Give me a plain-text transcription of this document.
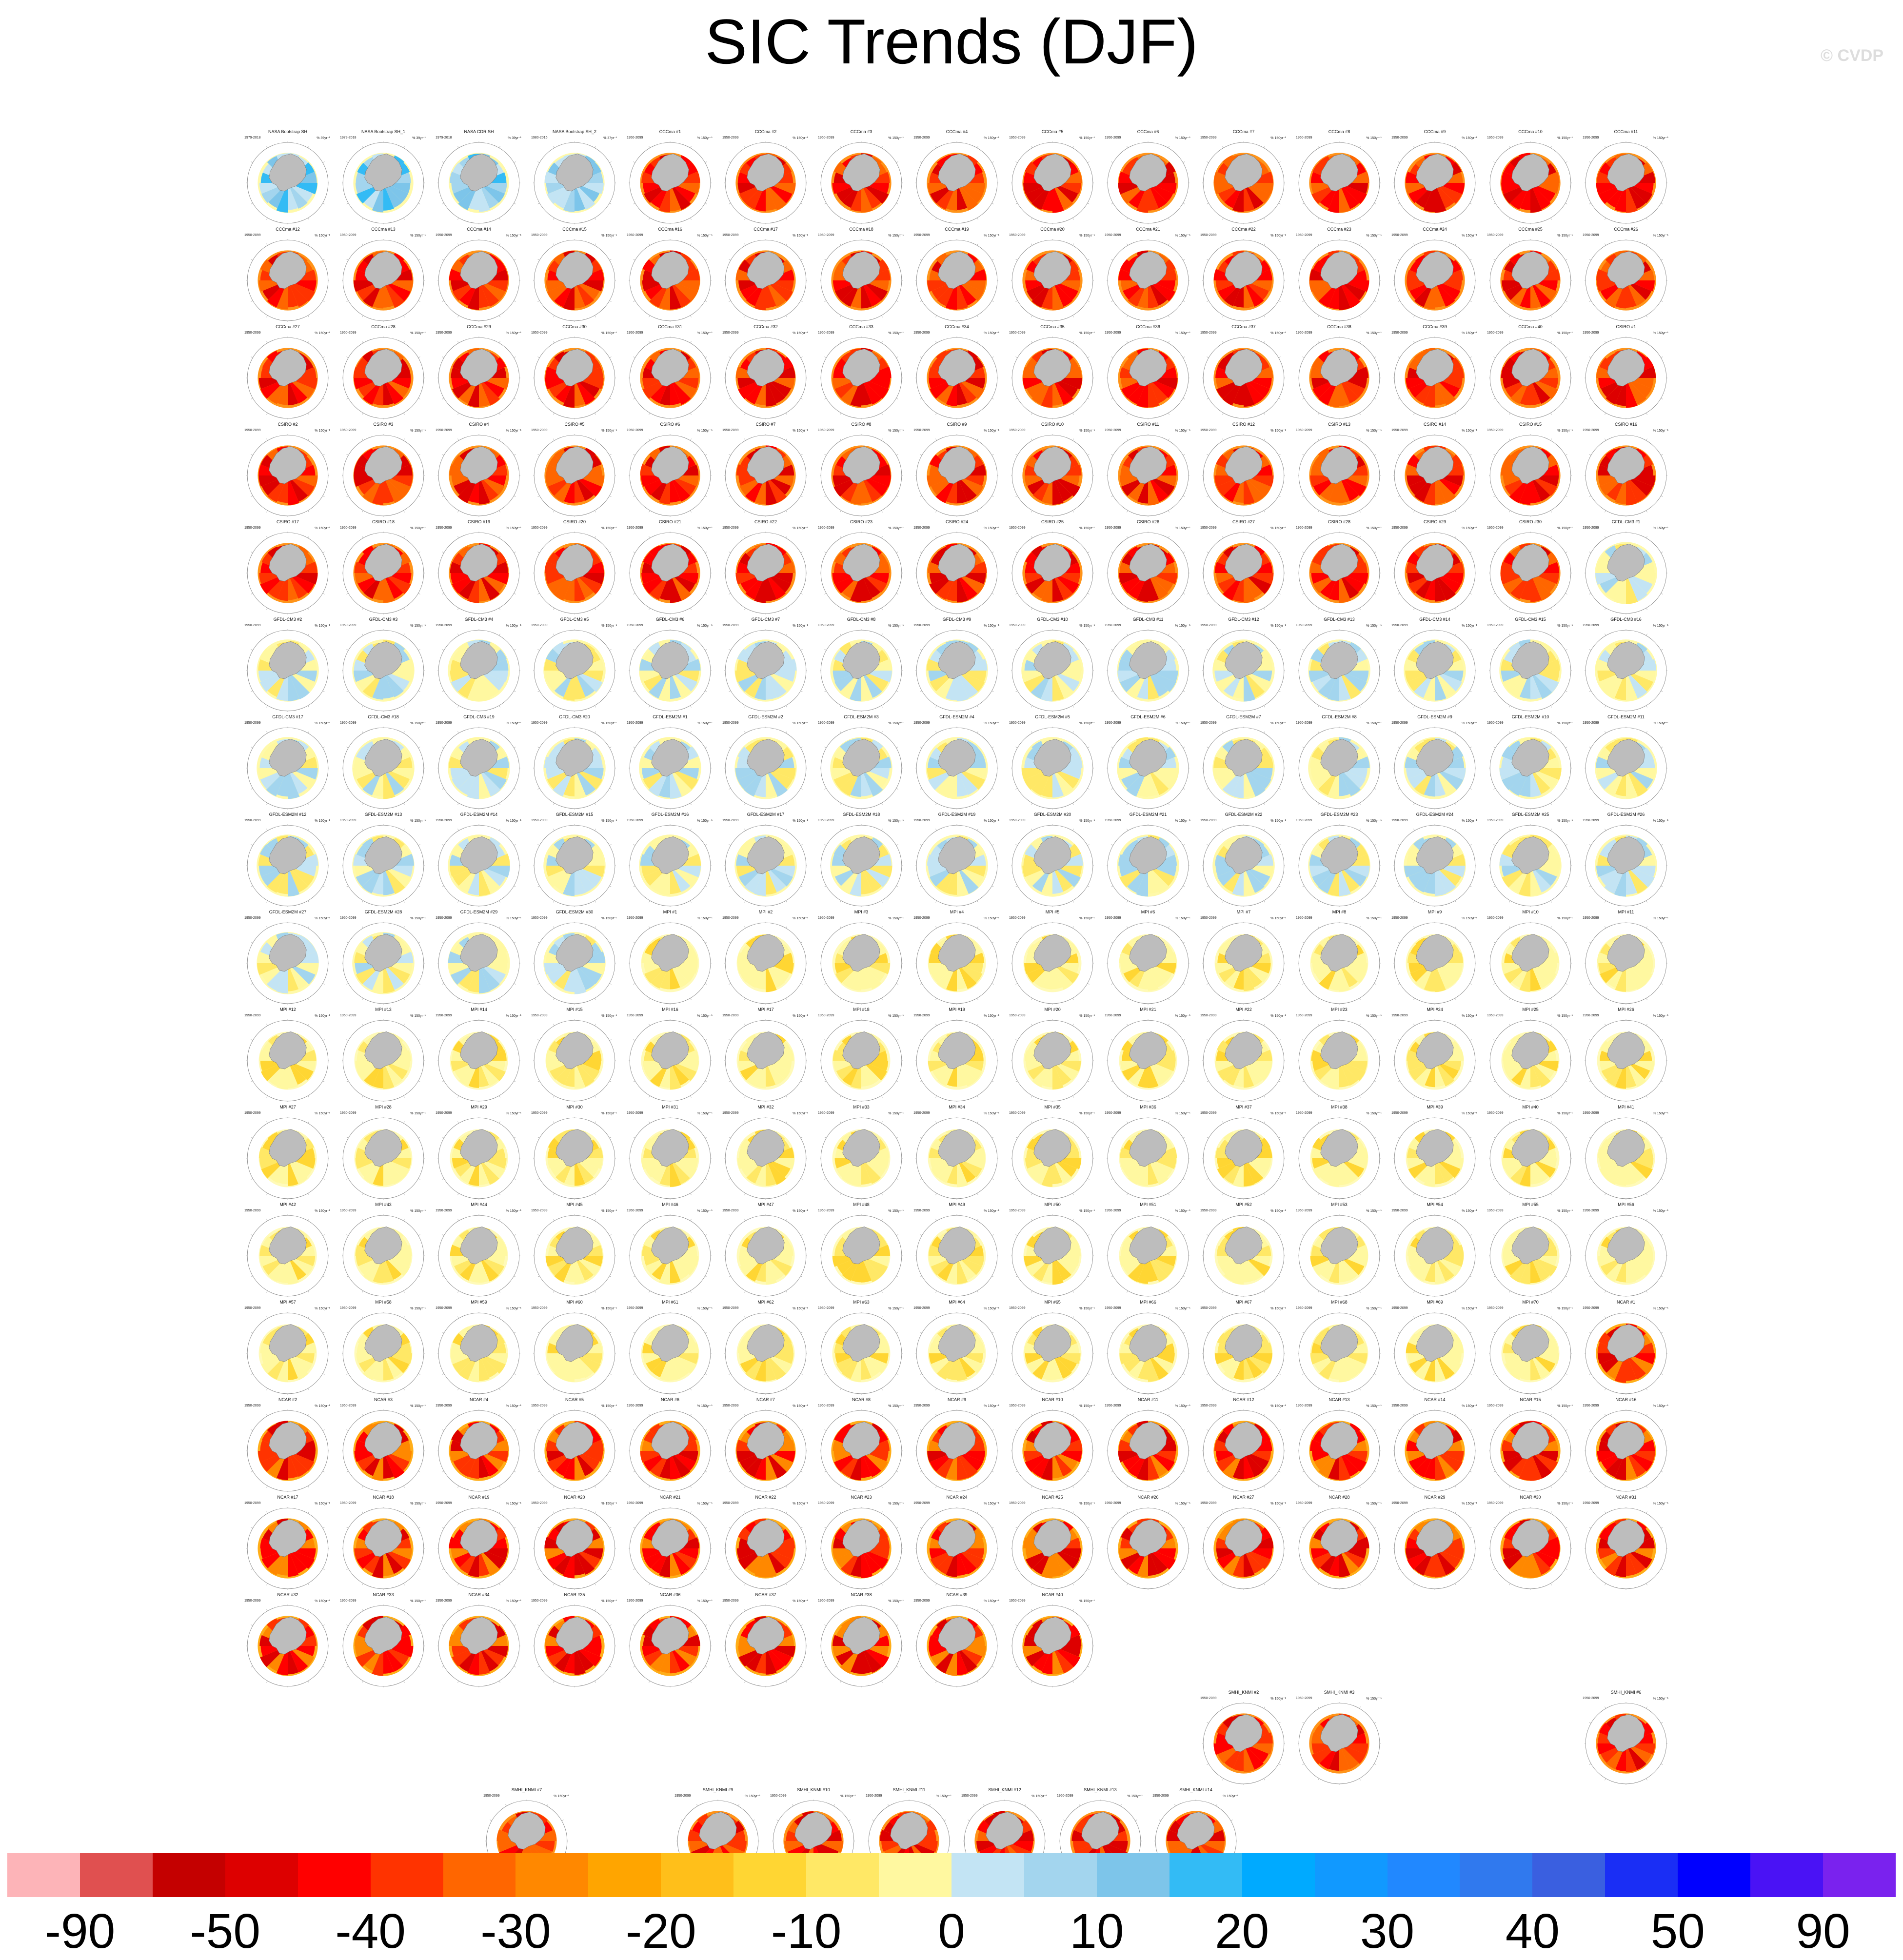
SIC Trends (DJF)	© CVDP
NASA Bootstrap SH
1979-2018	% 39yr⁻¹
NASA Bootstrap SH_1
1979-2018	% 39yr⁻¹
NASA CDR SH
1979-2018	% 39yr⁻¹
NASA Bootstrap SH_2
1980-2016	% 37yr⁻¹
CCCma #1
1950-2099	% 150yr⁻¹
CCCma #2
1950-2099	% 150yr⁻¹
CCCma #3
1950-2099	% 150yr⁻¹
CCCma #4
1950-2099	% 150yr⁻¹
CCCma #5
1950-2099	% 150yr⁻¹
CCCma #6
1950-2099	% 150yr⁻¹
CCCma #7
1950-2099	% 150yr⁻¹
CCCma #8
1950-2099	% 150yr⁻¹
CCCma #9
1950-2099	% 150yr⁻¹
CCCma #10
1950-2099	% 150yr⁻¹
CCCma #11
1950-2099	% 150yr⁻¹
CCCma #12
1950-2099	% 150yr⁻¹
CCCma #13
1950-2099	% 150yr⁻¹
CCCma #14
1950-2099	% 150yr⁻¹
CCCma #15
1950-2099	% 150yr⁻¹
CCCma #16
1950-2099	% 150yr⁻¹
CCCma #17
1950-2099	% 150yr⁻¹
CCCma #18
1950-2099	% 150yr⁻¹
CCCma #19
1950-2099	% 150yr⁻¹
CCCma #20
1950-2099	% 150yr⁻¹
CCCma #21
1950-2099	% 150yr⁻¹
CCCma #22
1950-2099	% 150yr⁻¹
CCCma #23
1950-2099	% 150yr⁻¹
CCCma #24
1950-2099	% 150yr⁻¹
CCCma #25
1950-2099	% 150yr⁻¹
CCCma #26
1950-2099	% 150yr⁻¹
CCCma #27
1950-2099	% 150yr⁻¹
CCCma #28
1950-2099	% 150yr⁻¹
CCCma #29
1950-2099	% 150yr⁻¹
CCCma #30
1950-2099	% 150yr⁻¹
CCCma #31
1950-2099	% 150yr⁻¹
CCCma #32
1950-2099	% 150yr⁻¹
CCCma #33
1950-2099	% 150yr⁻¹
CCCma #34
1950-2099	% 150yr⁻¹
CCCma #35
1950-2099	% 150yr⁻¹
CCCma #36
1950-2099	% 150yr⁻¹
CCCma #37
1950-2099	% 150yr⁻¹
CCCma #38
1950-2099	% 150yr⁻¹
CCCma #39
1950-2099	% 150yr⁻¹
CCCma #40
1950-2099	% 150yr⁻¹
CSIRO #1
1950-2099	% 150yr⁻¹
CSIRO #2
1950-2099	% 150yr⁻¹
CSIRO #3
1950-2099	% 150yr⁻¹
CSIRO #4
1950-2099	% 150yr⁻¹
CSIRO #5
1950-2099	% 150yr⁻¹
CSIRO #6
1950-2099	% 150yr⁻¹
CSIRO #7
1950-2099	% 150yr⁻¹
CSIRO #8
1950-2099	% 150yr⁻¹
CSIRO #9
1950-2099	% 150yr⁻¹
CSIRO #10
1950-2099	% 150yr⁻¹
CSIRO #11
1950-2099	% 150yr⁻¹
CSIRO #12
1950-2099	% 150yr⁻¹
CSIRO #13
1950-2099	% 150yr⁻¹
CSIRO #14
1950-2099	% 150yr⁻¹
CSIRO #15
1950-2099	% 150yr⁻¹
CSIRO #16
1950-2099	% 150yr⁻¹
CSIRO #17
1950-2099	% 150yr⁻¹
CSIRO #18
1950-2099	% 150yr⁻¹
CSIRO #19
1950-2099	% 150yr⁻¹
CSIRO #20
1950-2099	% 150yr⁻¹
CSIRO #21
1950-2099	% 150yr⁻¹
CSIRO #22
1950-2099	% 150yr⁻¹
CSIRO #23
1950-2099	% 150yr⁻¹
CSIRO #24
1950-2099	% 150yr⁻¹
CSIRO #25
1950-2099	% 150yr⁻¹
CSIRO #26
1950-2099	% 150yr⁻¹
CSIRO #27
1950-2099	% 150yr⁻¹
CSIRO #28
1950-2099	% 150yr⁻¹
CSIRO #29
1950-2099	% 150yr⁻¹
CSIRO #30
1950-2099	% 150yr⁻¹
GFDL-CM3 #1
1950-2099	% 150yr⁻¹
GFDL-CM3 #2
1950-2099	% 150yr⁻¹
GFDL-CM3 #3
1950-2099	% 150yr⁻¹
GFDL-CM3 #4
1950-2099	% 150yr⁻¹
GFDL-CM3 #5
1950-2099	% 150yr⁻¹
GFDL-CM3 #6
1950-2099	% 150yr⁻¹
GFDL-CM3 #7
1950-2099	% 150yr⁻¹
GFDL-CM3 #8
1950-2099	% 150yr⁻¹
GFDL-CM3 #9
1950-2099	% 150yr⁻¹
GFDL-CM3 #10
1950-2099	% 150yr⁻¹
GFDL-CM3 #11
1950-2099	% 150yr⁻¹
GFDL-CM3 #12
1950-2099	% 150yr⁻¹
GFDL-CM3 #13
1950-2099	% 150yr⁻¹
GFDL-CM3 #14
1950-2099	% 150yr⁻¹
GFDL-CM3 #15
1950-2099	% 150yr⁻¹
GFDL-CM3 #16
1950-2099	% 150yr⁻¹
GFDL-CM3 #17
1950-2099	% 150yr⁻¹
GFDL-CM3 #18
1950-2099	% 150yr⁻¹
GFDL-CM3 #19
1950-2099	% 150yr⁻¹
GFDL-CM3 #20
1950-2099	% 150yr⁻¹
GFDL-ESM2M #1
1950-2099	% 150yr⁻¹
GFDL-ESM2M #2
1950-2099	% 150yr⁻¹
GFDL-ESM2M #3
1950-2099	% 150yr⁻¹
GFDL-ESM2M #4
1950-2099	% 150yr⁻¹
GFDL-ESM2M #5
1950-2099	% 150yr⁻¹
GFDL-ESM2M #6
1950-2099	% 150yr⁻¹
GFDL-ESM2M #7
1950-2099	% 150yr⁻¹
GFDL-ESM2M #8
1950-2099	% 150yr⁻¹
GFDL-ESM2M #9
1950-2099	% 150yr⁻¹
GFDL-ESM2M #10
1950-2099	% 150yr⁻¹
GFDL-ESM2M #11
1950-2099	% 150yr⁻¹
GFDL-ESM2M #12
1950-2099	% 150yr⁻¹
GFDL-ESM2M #13
1950-2099	% 150yr⁻¹
GFDL-ESM2M #14
1950-2099	% 150yr⁻¹
GFDL-ESM2M #15
1950-2099	% 150yr⁻¹
GFDL-ESM2M #16
1950-2099	% 150yr⁻¹
GFDL-ESM2M #17
1950-2099	% 150yr⁻¹
GFDL-ESM2M #18
1950-2099	% 150yr⁻¹
GFDL-ESM2M #19
1950-2099	% 150yr⁻¹
GFDL-ESM2M #20
1950-2099	% 150yr⁻¹
GFDL-ESM2M #21
1950-2099	% 150yr⁻¹
GFDL-ESM2M #22
1950-2099	% 150yr⁻¹
GFDL-ESM2M #23
1950-2099	% 150yr⁻¹
GFDL-ESM2M #24
1950-2099	% 150yr⁻¹
GFDL-ESM2M #25
1950-2099	% 150yr⁻¹
GFDL-ESM2M #26
1950-2099	% 150yr⁻¹
GFDL-ESM2M #27
1950-2099	% 150yr⁻¹
GFDL-ESM2M #28
1950-2099	% 150yr⁻¹
GFDL-ESM2M #29
1950-2099	% 150yr⁻¹
GFDL-ESM2M #30
1950-2099	% 150yr⁻¹
MPI #1
1950-2099	% 150yr⁻¹
MPI #2
1950-2099	% 150yr⁻¹
MPI #3
1950-2099	% 150yr⁻¹
MPI #4
1950-2099	% 150yr⁻¹
MPI #5
1950-2099	% 150yr⁻¹
MPI #6
1950-2099	% 150yr⁻¹
MPI #7
1950-2099	% 150yr⁻¹
MPI #8
1950-2099	% 150yr⁻¹
MPI #9
1950-2099	% 150yr⁻¹
MPI #10
1950-2099	% 150yr⁻¹
MPI #11
1950-2099	% 150yr⁻¹
MPI #12
1950-2099	% 150yr⁻¹
MPI #13
1950-2099	% 150yr⁻¹
MPI #14
1950-2099	% 150yr⁻¹
MPI #15
1950-2099	% 150yr⁻¹
MPI #16
1950-2099	% 150yr⁻¹
MPI #17
1950-2099	% 150yr⁻¹
MPI #18
1950-2099	% 150yr⁻¹
MPI #19
1950-2099	% 150yr⁻¹
MPI #20
1950-2099	% 150yr⁻¹
MPI #21
1950-2099	% 150yr⁻¹
MPI #22
1950-2099	% 150yr⁻¹
MPI #23
1950-2099	% 150yr⁻¹
MPI #24
1950-2099	% 150yr⁻¹
MPI #25
1950-2099	% 150yr⁻¹
MPI #26
1950-2099	% 150yr⁻¹
MPI #27
1950-2099	% 150yr⁻¹
MPI #28
1950-2099	% 150yr⁻¹
MPI #29
1950-2099	% 150yr⁻¹
MPI #30
1950-2099	% 150yr⁻¹
MPI #31
1950-2099	% 150yr⁻¹
MPI #32
1950-2099	% 150yr⁻¹
MPI #33
1950-2099	% 150yr⁻¹
MPI #34
1950-2099	% 150yr⁻¹
MPI #35
1950-2099	% 150yr⁻¹
MPI #36
1950-2099	% 150yr⁻¹
MPI #37
1950-2099	% 150yr⁻¹
MPI #38
1950-2099	% 150yr⁻¹
MPI #39
1950-2099	% 150yr⁻¹
MPI #40
1950-2099	% 150yr⁻¹
MPI #41
1950-2099	% 150yr⁻¹
MPI #42
1950-2099	% 150yr⁻¹
MPI #43
1950-2099	% 150yr⁻¹
MPI #44
1950-2099	% 150yr⁻¹
MPI #45
1950-2099	% 150yr⁻¹
MPI #46
1950-2099	% 150yr⁻¹
MPI #47
1950-2099	% 150yr⁻¹
MPI #48
1950-2099	% 150yr⁻¹
MPI #49
1950-2099	% 150yr⁻¹
MPI #50
1950-2099	% 150yr⁻¹
MPI #51
1950-2099	% 150yr⁻¹
MPI #52
1950-2099	% 150yr⁻¹
MPI #53
1950-2099	% 150yr⁻¹
MPI #54
1950-2099	% 150yr⁻¹
MPI #55
1950-2099	% 150yr⁻¹
MPI #56
1950-2099	% 150yr⁻¹
MPI #57
1950-2099	% 150yr⁻¹
MPI #58
1950-2099	% 150yr⁻¹
MPI #59
1950-2099	% 150yr⁻¹
MPI #60
1950-2099	% 150yr⁻¹
MPI #61
1950-2099	% 150yr⁻¹
MPI #62
1950-2099	% 150yr⁻¹
MPI #63
1950-2099	% 150yr⁻¹
MPI #64
1950-2099	% 150yr⁻¹
MPI #65
1950-2099	% 150yr⁻¹
MPI #66
1950-2099	% 150yr⁻¹
MPI #67
1950-2099	% 150yr⁻¹
MPI #68
1950-2099	% 150yr⁻¹
MPI #69
1950-2099	% 150yr⁻¹
MPI #70
1950-2099	% 150yr⁻¹
NCAR #1
1950-2099	% 150yr⁻¹
NCAR #2
1950-2099	% 150yr⁻¹
NCAR #3
1950-2099	% 150yr⁻¹
NCAR #4
1950-2099	% 150yr⁻¹
NCAR #5
1950-2099	% 150yr⁻¹
NCAR #6
1950-2099	% 150yr⁻¹
NCAR #7
1950-2099	% 150yr⁻¹
NCAR #8
1950-2099	% 150yr⁻¹
NCAR #9
1950-2099	% 150yr⁻¹
NCAR #10
1950-2099	% 150yr⁻¹
NCAR #11
1950-2099	% 150yr⁻¹
NCAR #12
1950-2099	% 150yr⁻¹
NCAR #13
1950-2099	% 150yr⁻¹
NCAR #14
1950-2099	% 150yr⁻¹
NCAR #15
1950-2099	% 150yr⁻¹
NCAR #16
1950-2099	% 150yr⁻¹
NCAR #17
1950-2099	% 150yr⁻¹
NCAR #18
1950-2099	% 150yr⁻¹
NCAR #19
1950-2099	% 150yr⁻¹
NCAR #20
1950-2099	% 150yr⁻¹
NCAR #21
1950-2099	% 150yr⁻¹
NCAR #22
1950-2099	% 150yr⁻¹
NCAR #23
1950-2099	% 150yr⁻¹
NCAR #24
1950-2099	% 150yr⁻¹
NCAR #25
1950-2099	% 150yr⁻¹
NCAR #26
1950-2099	% 150yr⁻¹
NCAR #27
1950-2099	% 150yr⁻¹
NCAR #28
1950-2099	% 150yr⁻¹
NCAR #29
1950-2099	% 150yr⁻¹
NCAR #30
1950-2099	% 150yr⁻¹
NCAR #31
1950-2099	% 150yr⁻¹
NCAR #32
1950-2099	% 150yr⁻¹
NCAR #33
1950-2099	% 150yr⁻¹
NCAR #34
1950-2099	% 150yr⁻¹
NCAR #35
1950-2099	% 150yr⁻¹
NCAR #36
1950-2099	% 150yr⁻¹
NCAR #37
1950-2099	% 150yr⁻¹
NCAR #38
1950-2099	% 150yr⁻¹
NCAR #39
1950-2099	% 150yr⁻¹
NCAR #40
1950-2099	% 150yr⁻¹
SMHI_KNMI #2
1950-2099	% 150yr⁻¹
SMHI_KNMI #3
1950-2099	% 150yr⁻¹
SMHI_KNMI #6
1950-2099	% 150yr⁻¹
SMHI_KNMI #7
1950-2099	% 150yr⁻¹
SMHI_KNMI #9
1950-2099	% 150yr⁻¹
SMHI_KNMI #10
1950-2099	% 150yr⁻¹
SMHI_KNMI #11
1950-2099	% 150yr⁻¹
SMHI_KNMI #12
1950-2099	% 150yr⁻¹
SMHI_KNMI #13
1950-2099	% 150yr⁻¹
SMHI_KNMI #14
1950-2099	% 150yr⁻¹
-90 -50 -40 -30 -20 -10	0	10 20 30 40 50 90
